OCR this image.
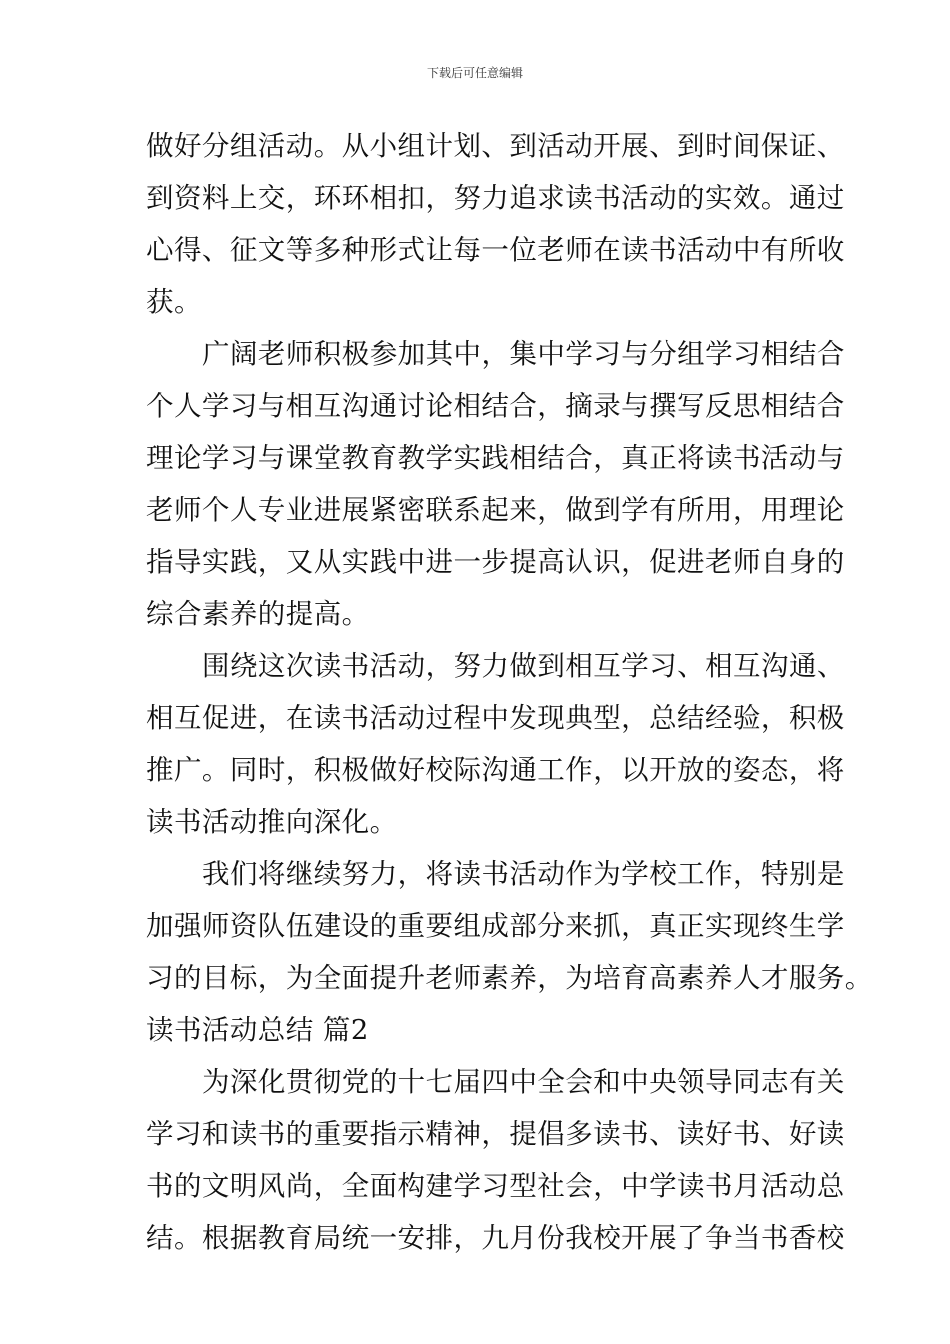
下载后可任意编辑
做好分组活动。从小组计划、到活动开展、到时间保证、
到资料上交，环环相扣，努力追求读书活动的实效。通过
心得、征文等多种形式让每一位老师在读书活动中有所收
获。
广阔老师积极参加其中，集中学习与分组学习相结合
个人学习与相互沟通讨论相结合，摘录与撰写反思相结合
理论学习与课堂教育教学实践相结合，真正将读书活动与
老师个人专业进展紧密联系起来，做到学有所用，用理论
指导实践，又从实践中进一步提高认识，促进老师自身的
综合素养的提高。
围绕这次读书活动，努力做到相互学习、相互沟通、
相互促进，在读书活动过程中发现典型，总结经验，积极
推广。同时，积极做好校际沟通工作，以开放的姿态，将
读书活动推向深化。
我们将继续努力，将读书活动作为学校工作，特别是
加强师资队伍建设的重要组成部分来抓，真正实现终生学
习的目标，为全面提升老师素养，为培育高素养人才服务。
读书活动总结 篇2
为深化贯彻党的十七届四中全会和中央领导同志有关
学习和读书的重要指示精神，提倡多读书、读好书、好读
书的文明风尚，全面构建学习型社会，中学读书月活动总
结。根据教育局统一安排，九月份我校开展了争当书香校
